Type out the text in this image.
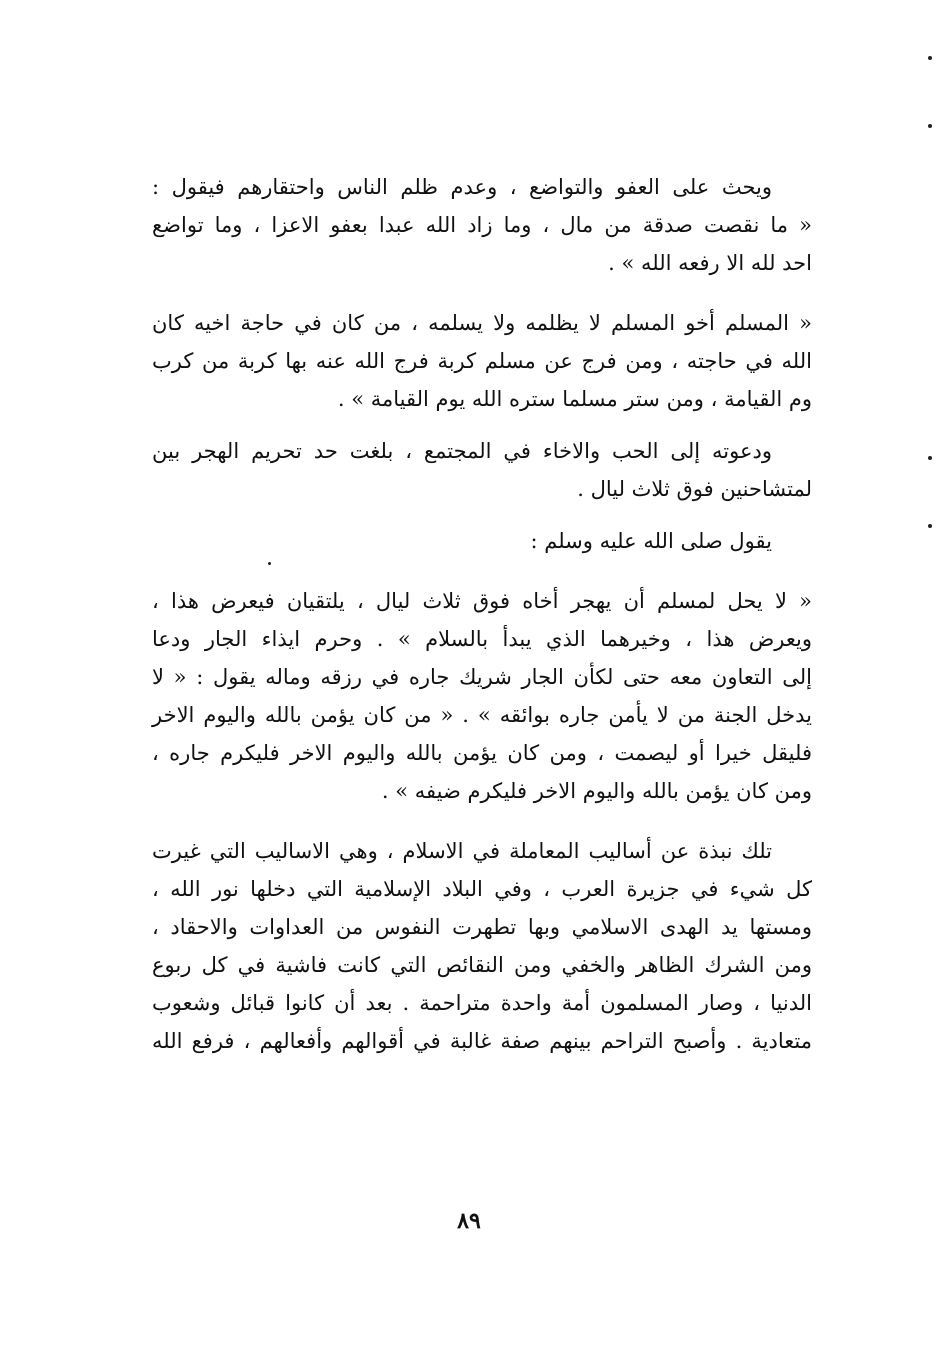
ويحث على العفو والتواضع ، وعدم ظلم الناس واحتقارهم فيقول :
« ما نقصت صدقة من مال ، وما زاد الله عبدا بعفو الاعزا ، وما تواضع
احد لله الا رفعه الله » .
« المسلم أخو المسلم لا يظلمه ولا يسلمه ، من كان في حاجة اخيه كان
الله في حاجته ، ومن فرج عن مسلم كربة فرج الله عنه بها كربة من كرب
وم القيامة ، ومن ستر مسلما ستره الله يوم القيامة » .
ودعوته إلى الحب والاخاء في المجتمع ، بلغت حد تحريم الهجر بين
لمتشاحنين فوق ثلاث ليال .
يقول صلى الله عليه وسلم :
« لا يحل لمسلم أن يهجر أخاه فوق ثلاث ليال ، يلتقيان فيعرض هذا ،
ويعرض هذا ، وخيرهما الذي يبدأ بالسلام » . وحرم ايذاء الجار ودعا
إلى التعاون معه حتى لكأن الجار شريك جاره في رزقه وماله يقول : « لا
يدخل الجنة من لا يأمن جاره بوائقه » . « من كان يؤمن بالله واليوم الاخر
فليقل خيرا أو ليصمت ، ومن كان يؤمن بالله واليوم الاخر فليكرم جاره ،
ومن كان يؤمن بالله واليوم الاخر فليكرم ضيفه » .
تلك نبذة عن أساليب المعاملة في الاسلام ، وهي الاساليب التي غيرت
كل شيء في جزيرة العرب ، وفي البلاد الإسلامية التي دخلها نور الله ،
ومستها يد الهدى الاسلامي وبها تطهرت النفوس من العداوات والاحقاد ،
ومن الشرك الظاهر والخفي ومن النقائص التي كانت فاشية في كل ربوع
الدنيا ، وصار المسلمون أمة واحدة متراحمة . بعد أن كانوا قبائل وشعوب
متعادية . وأصبح التراحم بينهم صفة غالبة في أقوالهم وأفعالهم ، فرفع الله
٨٩
